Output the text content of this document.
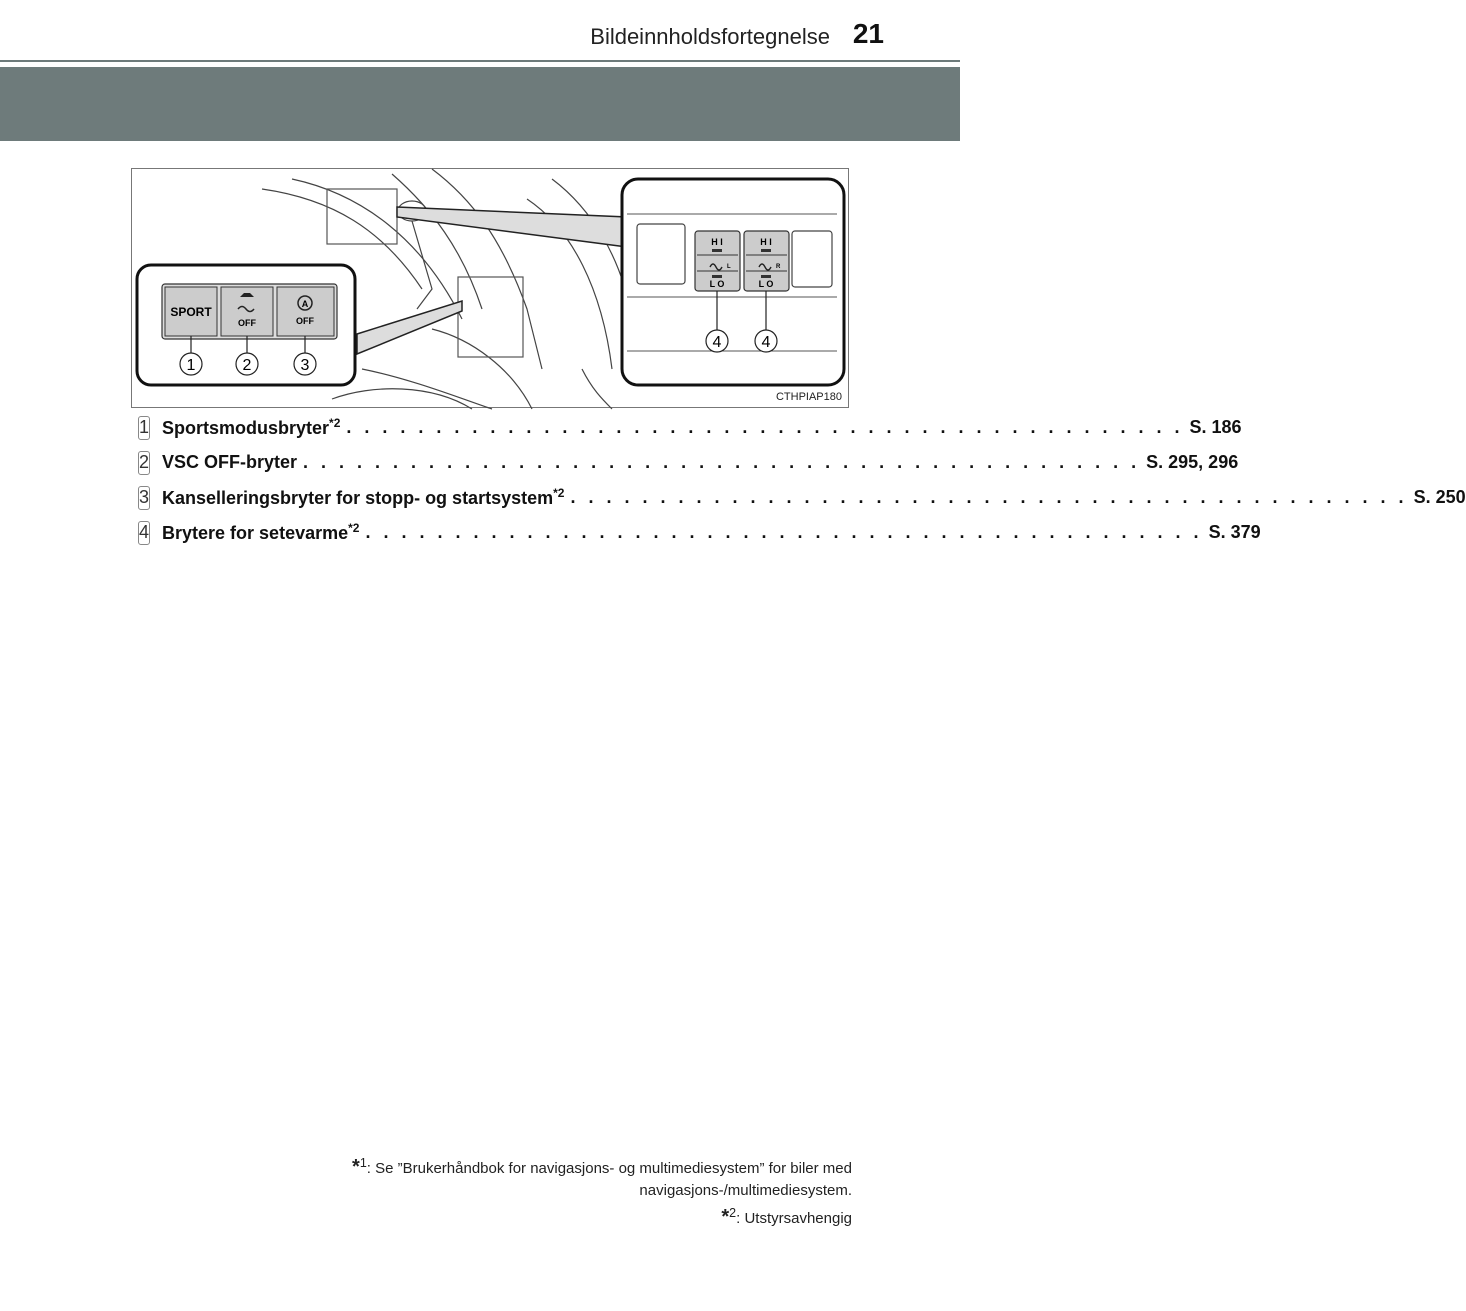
Bildeinnholdsfortegnelse 21
SPORT
OFF
A
OFF
1	2	3
H I	H I
L	R
L O	L O
4	4
CTHPIAP180
1 Sportsmodusbryter$^{*2}$ . . . . . . . . . . . . . . . . . . . . . . . . . . . . . . . . . . . . . . . . . . . . . . . S. 186
2 VSC OFF-bryter . . . . . . . . . . . . . . . . . . . . . . . . . . . . . . . . . . . . . . . . . . . . . . . S. 295, 296
3 Kanselleringsbryter for stopp- og startsystem$^{*2}$ . . . . . . . . . . . . . . . . . . . . . . . . . . . . . . . . . . . . . . . . . . . . . . . S. 250
4 Brytere for setevarme$^{*2}$ . . . . . . . . . . . . . . . . . . . . . . . . . . . . . . . . . . . . . . . . . . . . . . . S. 379
*$^1$: Se ”Brukerhåndbok for navigasjons- og multimediesystem” for biler med
navigasjons-/multimediesystem.
*$^2$: Utstyrsavhengig
